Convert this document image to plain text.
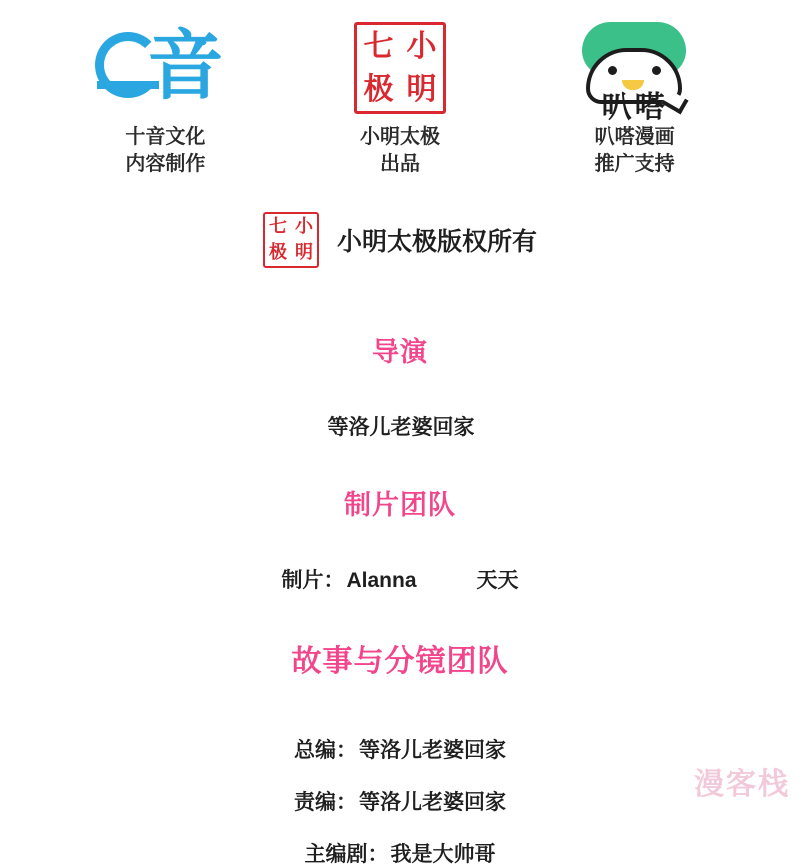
音
十音文化
内容制作
七 小
极 明
小明太极
出品
叭嗒
叭嗒漫画
推广支持
七 小
极 明 小明太极版权所有
导演
等洛儿老婆回家
制片团队
制片：Alanna	天天
故事与分镜团队
总编：等洛儿老婆回家
责编：等洛儿老婆回家
主编剧：我是大帅哥
漫客栈
